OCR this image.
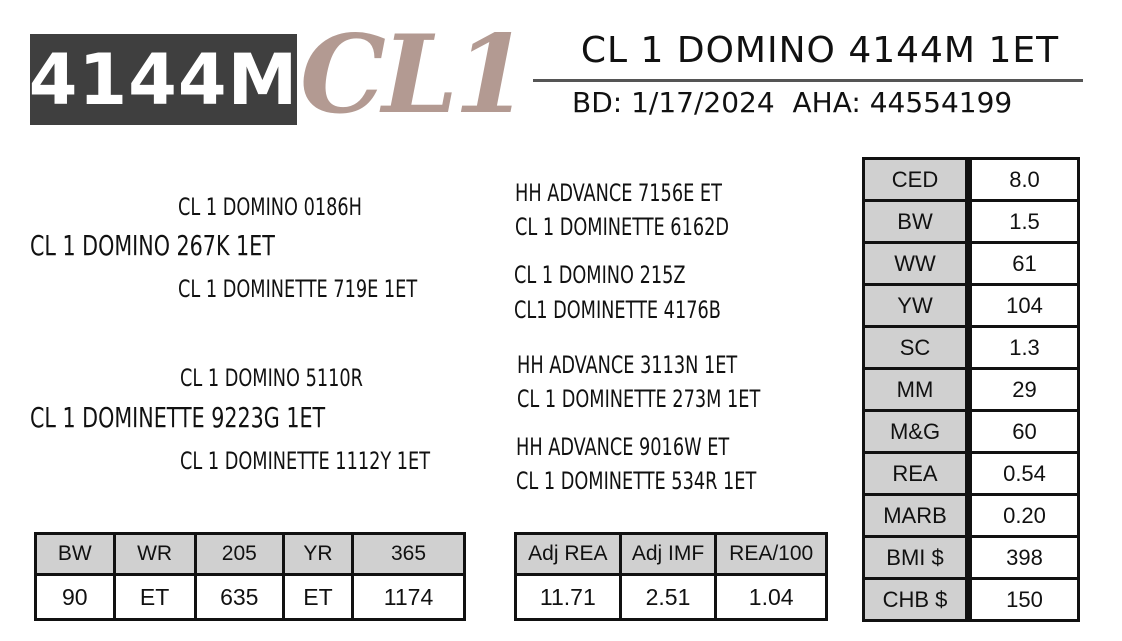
4144M CL1	CL 1 DOMINO 4144M 1ET
BD: 1/17/2024 AHA: 44554199
CL 1 DOMINO 0186H
CL 1 DOMINO 267K 1ET
CL 1 DOMINETTE 719E 1ET
CL 1 DOMINO 5110R
CL 1 DOMINETTE 9223G 1ET
CL 1 DOMINETTE 1112Y 1ET
HH ADVANCE 7156E ET
CL 1 DOMINETTE 6162D
CL 1 DOMINO 215Z
CL1 DOMINETTE 4176B
HH ADVANCE 3113N 1ET
CL 1 DOMINETTE 273M 1ET
HH ADVANCE 9016W ET
CL 1 DOMINETTE 534R 1ET
BW	WR	205	YR	365
90	ET	635	ET	1174
Adj REA	Adj IMF	REA/100
11.71	2.51	1.04
CED	8.0
BW	1.5
WW	61
YW	104
SC	1.3
MM	29
M&G	60
REA	0.54
MARB	0.20
BMI $	398
CHB $	150
